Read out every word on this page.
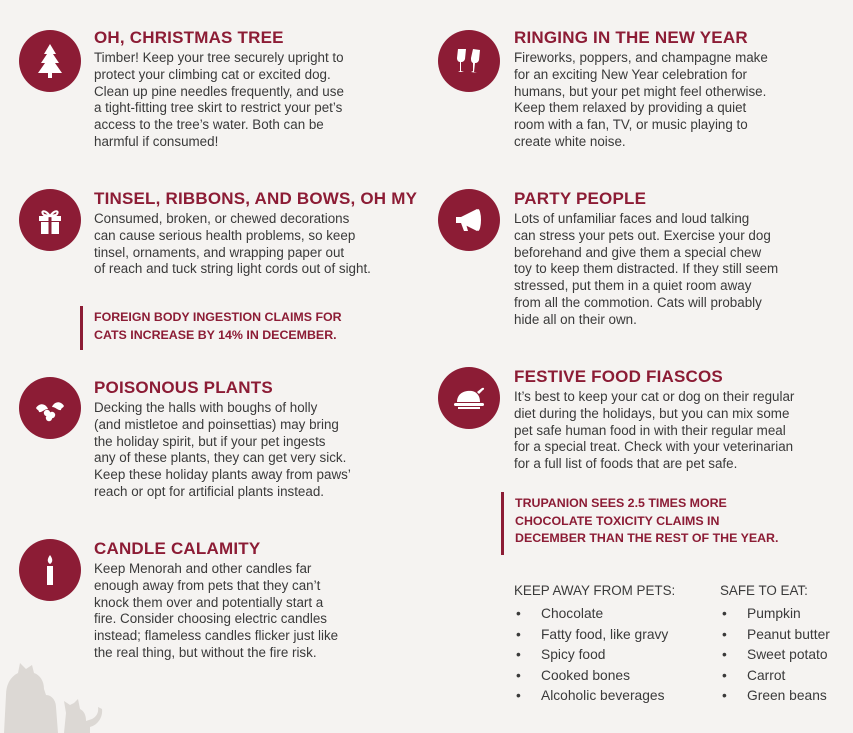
OH, CHRISTMAS TREE
Timber! Keep your tree securely upright to
protect your climbing cat or excited dog.
Clean up pine needles frequently, and use
a tight-fitting tree skirt to restrict your pet’s
access to the tree’s water. Both can be
harmful if consumed!
TINSEL, RIBBONS, AND BOWS, OH MY
Consumed, broken, or chewed decorations
can cause serious health problems, so keep
tinsel, ornaments, and wrapping paper out
of reach and tuck string light cords out of sight.
FOREIGN BODY INGESTION CLAIMS FOR
CATS INCREASE BY 14% IN DECEMBER.
POISONOUS PLANTS
Decking the halls with boughs of holly
(and mistletoe and poinsettias) may bring
the holiday spirit, but if your pet ingests
any of these plants, they can get very sick.
Keep these holiday plants away from paws’
reach or opt for artificial plants instead.
CANDLE CALAMITY
Keep Menorah and other candles far
enough away from pets that they can’t
knock them over and potentially start a
fire. Consider choosing electric candles
instead; flameless candles flicker just like
the real thing, but without the fire risk.
RINGING IN THE NEW YEAR
Fireworks, poppers, and champagne make
for an exciting New Year celebration for
humans, but your pet might feel otherwise.
Keep them relaxed by providing a quiet
room with a fan, TV, or music playing to
create white noise.
PARTY PEOPLE
Lots of unfamiliar faces and loud talking
can stress your pets out. Exercise your dog
beforehand and give them a special chew
toy to keep them distracted. If they still seem
stressed, put them in a quiet room away
from all the commotion. Cats will probably
hide all on their own.
FESTIVE FOOD FIASCOS
It’s best to keep your cat or dog on their regular
diet during the holidays, but you can mix some
pet safe human food in with their regular meal
for a special treat. Check with your veterinarian
for a full list of foods that are pet safe.
TRUPANION SEES 2.5 TIMES MORE
CHOCOLATE TOXICITY CLAIMS IN
DECEMBER THAN THE REST OF THE YEAR.
KEEP AWAY FROM PETS:
• Chocolate
• Fatty food, like gravy
• Spicy food
• Cooked bones
• Alcoholic beverages
SAFE TO EAT:
• Pumpkin
• Peanut butter
• Sweet potato
• Carrot
• Green beans
